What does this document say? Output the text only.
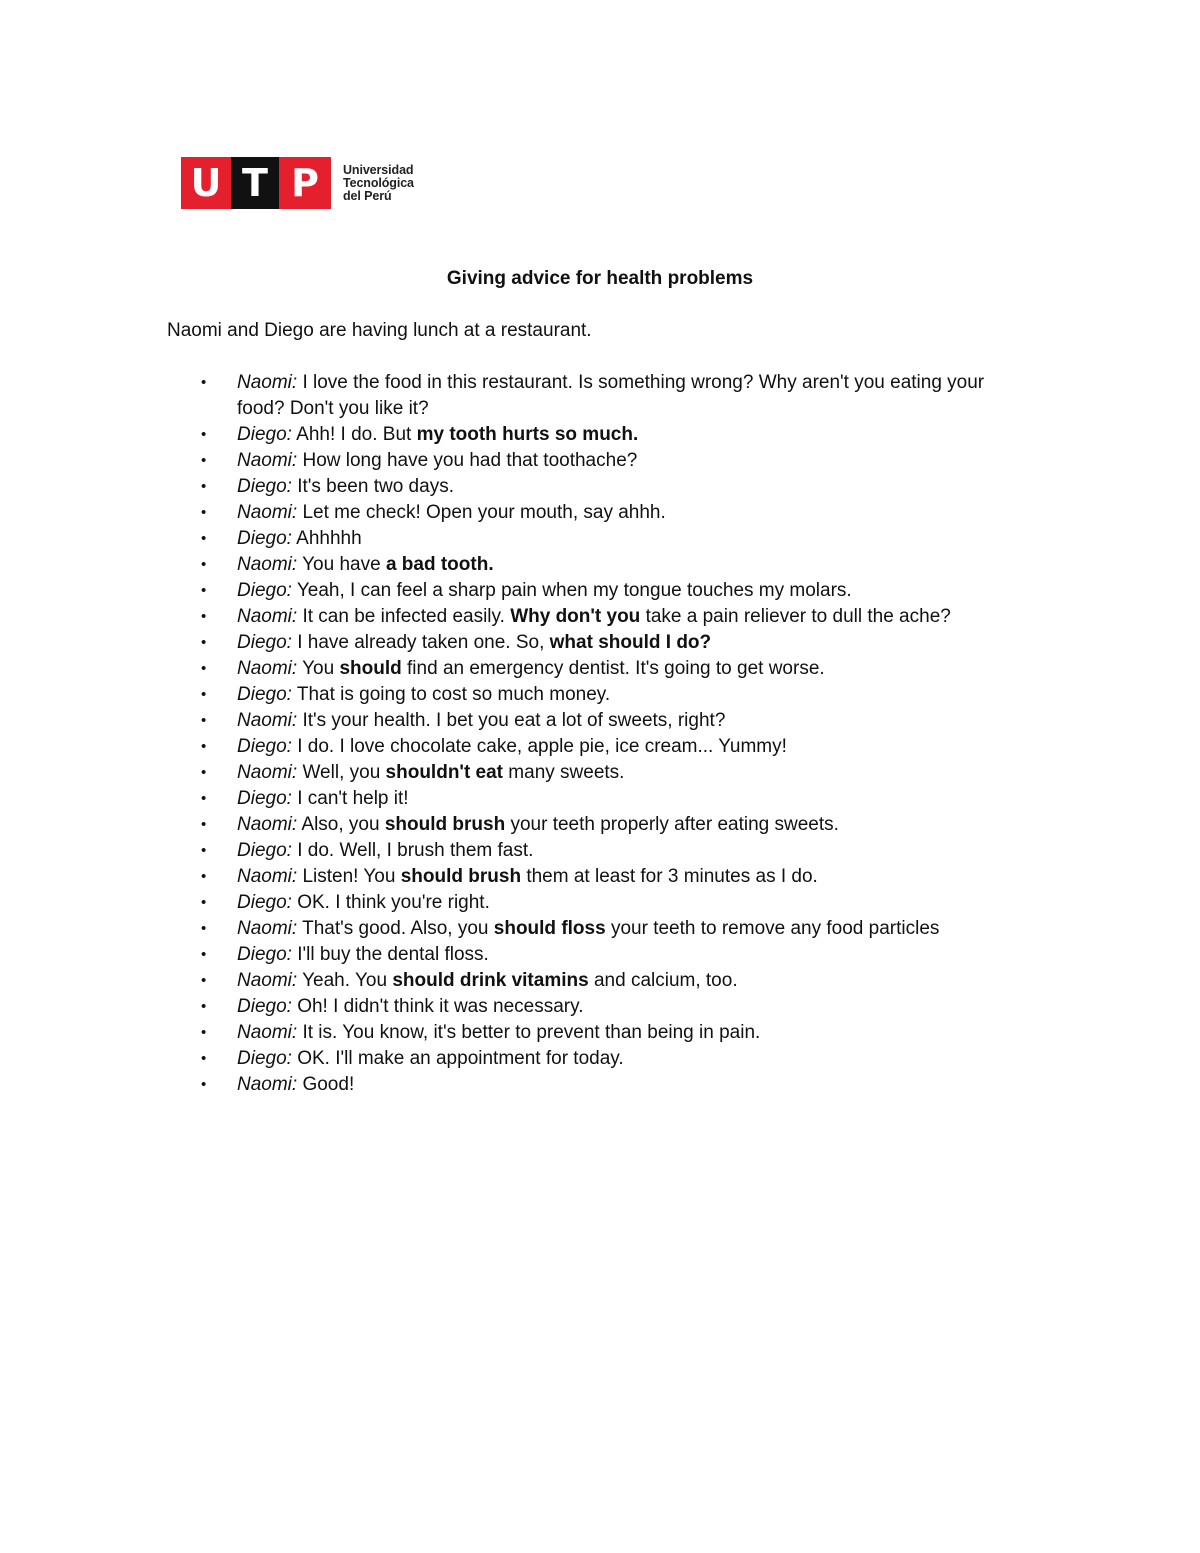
U T P	Universidad
Tecnológica
del Perú
Giving advice for health problems

Naomi and Diego are having lunch at a restaurant.

• Naomi: I love the food in this restaurant. Is something wrong? Why aren't you eating your food? Don't you like it?
• Diego: Ahh! I do. But my tooth hurts so much.
• Naomi: How long have you had that toothache?
• Diego: It's been two days.
• Naomi: Let me check! Open your mouth, say ahhh.
• Diego: Ahhhhh
• Naomi: You have a bad tooth.
• Diego: Yeah, I can feel a sharp pain when my tongue touches my molars.
• Naomi: It can be infected easily. Why don't you take a pain reliever to dull the ache?
• Diego: I have already taken one. So, what should I do?
• Naomi: You should find an emergency dentist. It's going to get worse.
• Diego: That is going to cost so much money.
• Naomi: It's your health. I bet you eat a lot of sweets, right?
• Diego: I do. I love chocolate cake, apple pie, ice cream... Yummy!
• Naomi: Well, you shouldn't eat many sweets.
• Diego: I can't help it!
• Naomi: Also, you should brush your teeth properly after eating sweets.
• Diego: I do. Well, I brush them fast.
• Naomi: Listen! You should brush them at least for 3 minutes as I do.
• Diego: OK. I think you're right.
• Naomi: That's good. Also, you should floss your teeth to remove any food particles
• Diego: I'll buy the dental floss.
• Naomi: Yeah. You should drink vitamins and calcium, too.
• Diego: Oh! I didn't think it was necessary.
• Naomi: It is. You know, it's better to prevent than being in pain.
• Diego: OK. I'll make an appointment for today.
• Naomi: Good!
